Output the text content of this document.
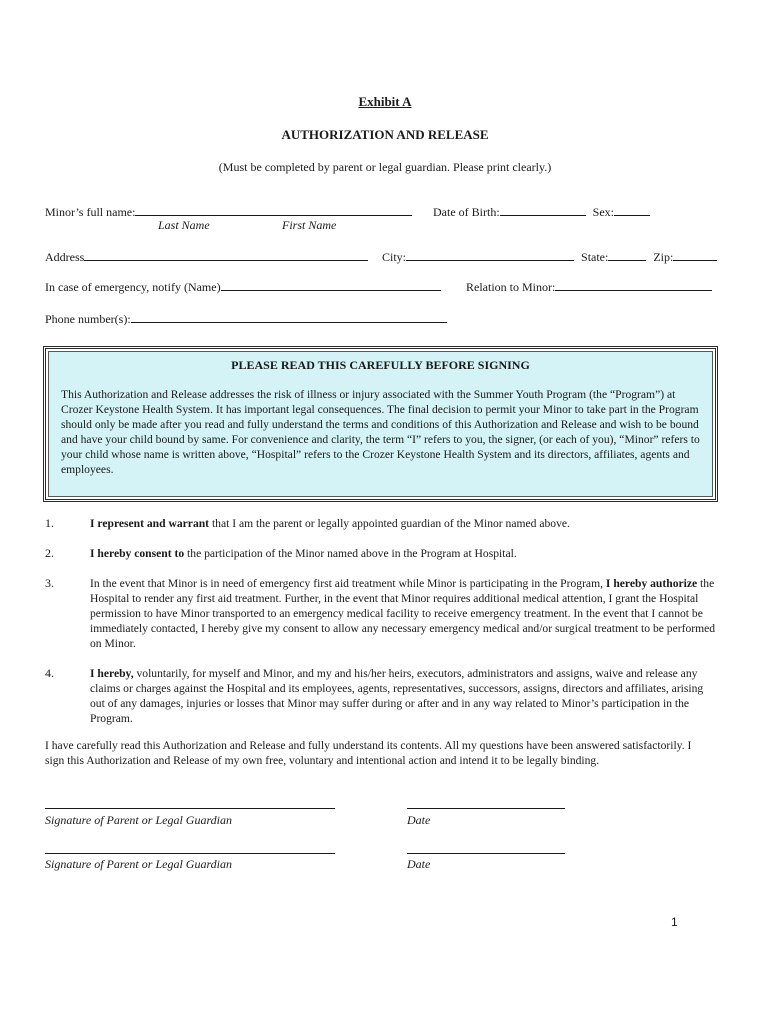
Exhibit A
AUTHORIZATION AND RELEASE
(Must be completed by parent or legal guardian. Please print clearly.)
Minor’s full name:	Date of Birth:	Sex:
Last Name	First Name
Address	City:	State:	Zip:
In case of emergency, notify (Name)	Relation to Minor:
Phone number(s):
PLEASE READ THIS CAREFULLY BEFORE SIGNING
This Authorization and Release addresses the risk of illness or injury associated with the Summer Youth Program (the “Program”) at Crozer Keystone Health System. It has important legal consequences. The final decision to permit your Minor to take part in the Program should only be made after you read and fully understand the terms and conditions of this Authorization and Release and wish to be bound and have your child bound by same. For convenience and clarity, the term “I” refers to you, the signer, (or each of you), “Minor” refers to your child whose name is written above, “Hospital” refers to the Crozer Keystone Health System and its directors, affiliates, agents and employees.
1.	I represent and warrant that I am the parent or legally appointed guardian of the Minor named above.
2.	I hereby consent to the participation of the Minor named above in the Program at Hospital.
3.	In the event that Minor is in need of emergency first aid treatment while Minor is participating in the Program, I hereby authorize the Hospital to render any first aid treatment. Further, in the event that Minor requires additional medical attention, I grant the Hospital permission to have Minor transported to an emergency medical facility to receive emergency treatment. In the event that I cannot be immediately contacted, I hereby give my consent to allow any necessary emergency medical and/or surgical treatment to be performed on Minor.
4.	I hereby, voluntarily, for myself and Minor, and my and his/her heirs, executors, administrators and assigns, waive and release any claims or charges against the Hospital and its employees, agents, representatives, successors, assigns, directors and affiliates, arising out of any damages, injuries or losses that Minor may suffer during or after and in any way related to Minor’s participation in the Program.
I have carefully read this Authorization and Release and fully understand its contents. All my questions have been answered satisfactorily. I sign this Authorization and Release of my own free, voluntary and intentional action and intend it to be legally binding.
Signature of Parent or Legal Guardian	Date
Signature of Parent or Legal Guardian	Date
1
